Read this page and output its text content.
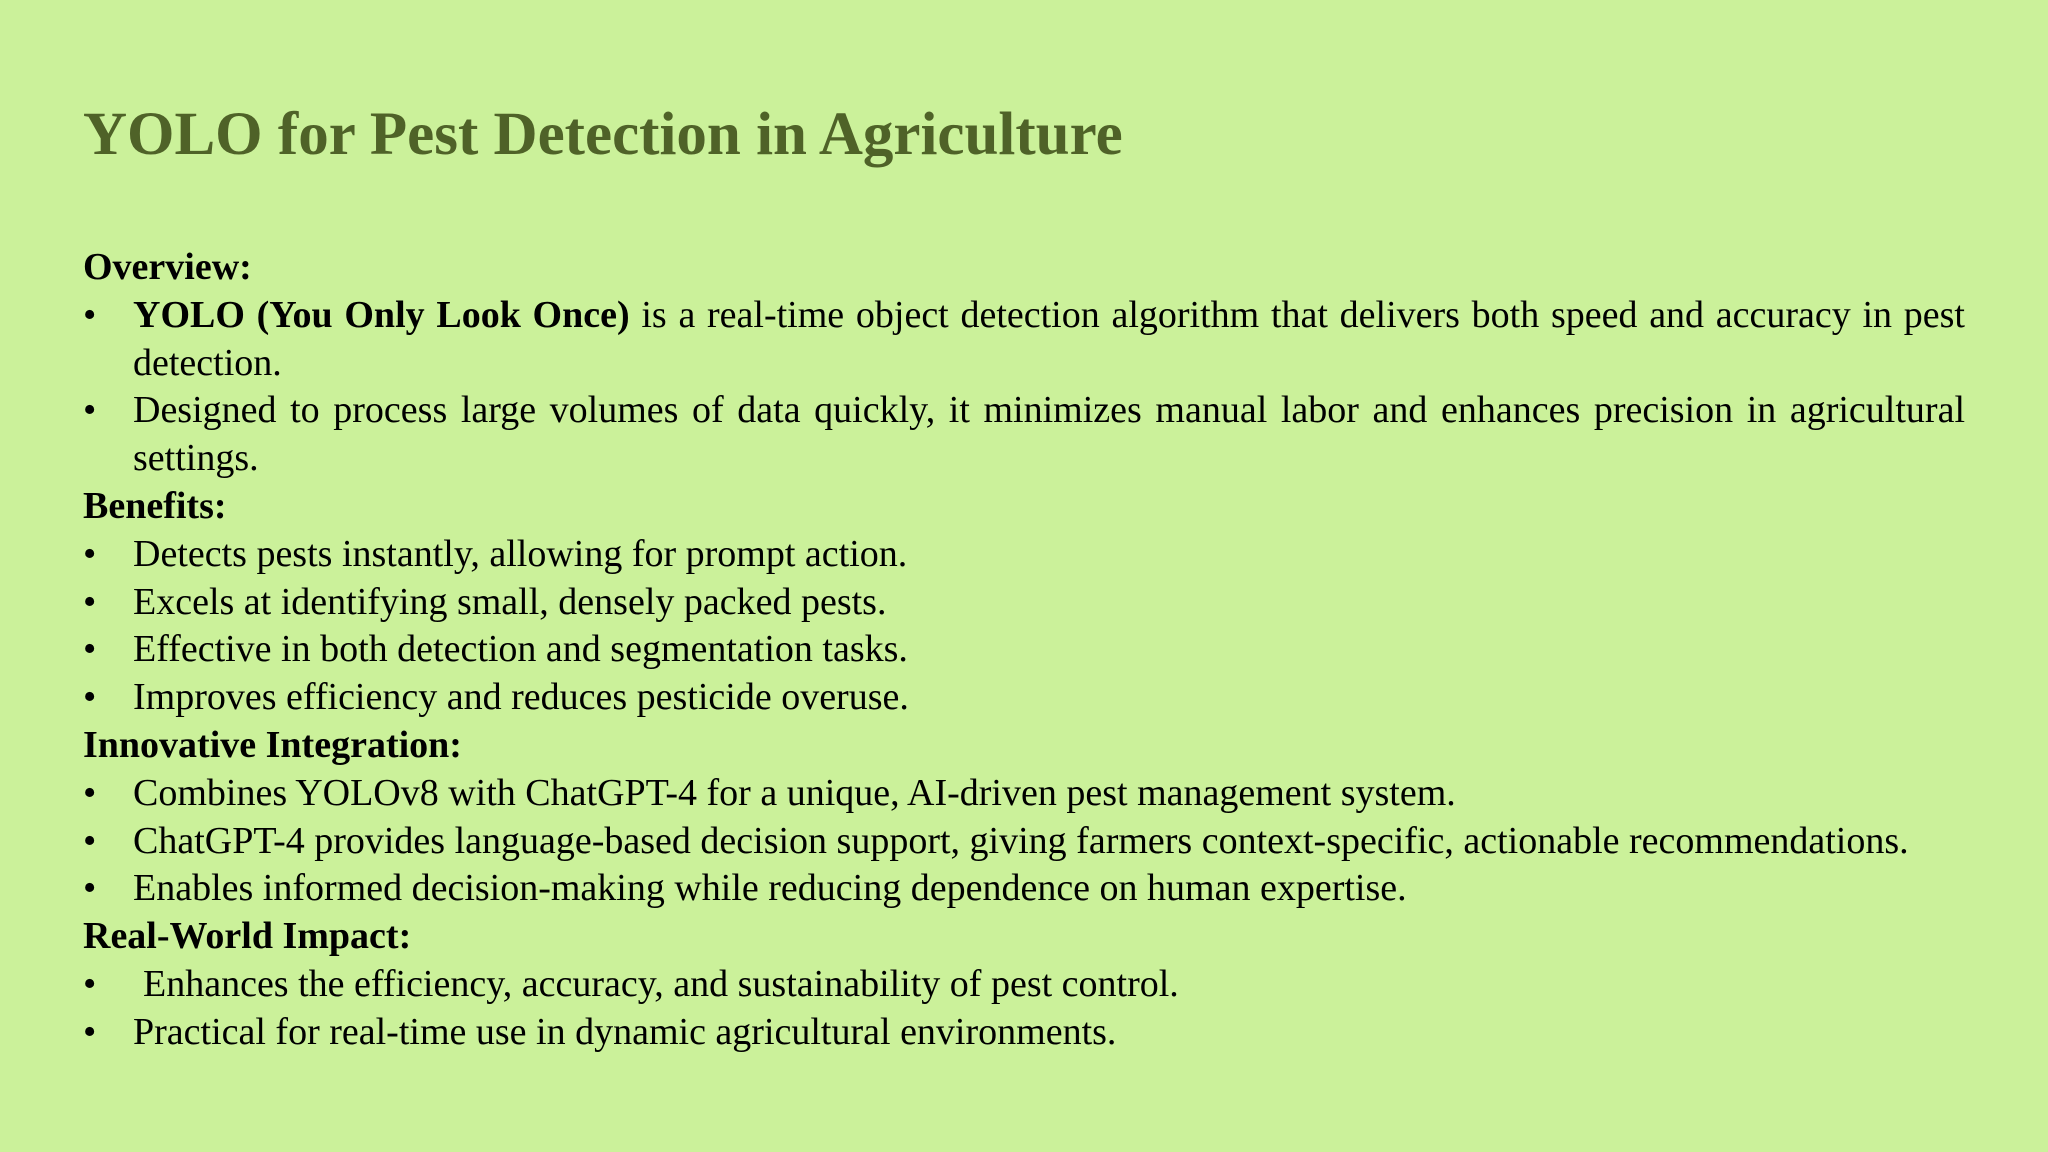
YOLO for Pest Detection in Agriculture
Overview:
• YOLO (You Only Look Once) is a real-time object detection algorithm that delivers both speed and accuracy in pest detection.
• Designed to process large volumes of data quickly, it minimizes manual labor and enhances precision in agricultural settings.
Benefits:
• Detects pests instantly, allowing for prompt action.
• Excels at identifying small, densely packed pests.
• Effective in both detection and segmentation tasks.
• Improves efficiency and reduces pesticide overuse.
Innovative Integration:
• Combines YOLOv8 with ChatGPT-4 for a unique, AI-driven pest management system.
• ChatGPT-4 provides language-based decision support, giving farmers context-specific, actionable recommendations.
• Enables informed decision-making while reducing dependence on human expertise.
Real-World Impact:
• Enhances the efficiency, accuracy, and sustainability of pest control.
• Practical for real-time use in dynamic agricultural environments.
